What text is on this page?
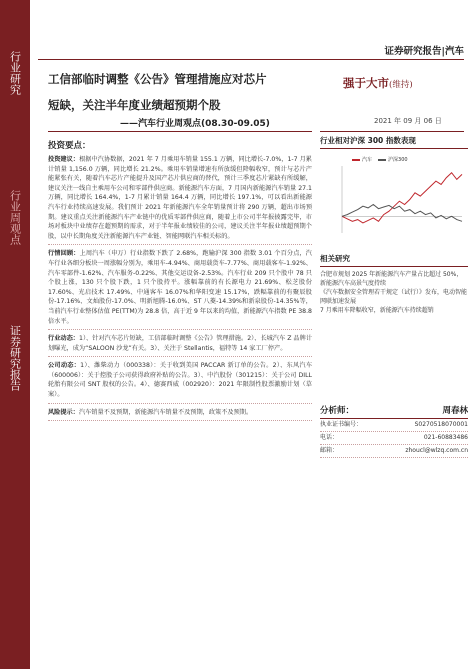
行业研究
行业周观点
证券研究报告
证券研究报告|汽车
工信部临时调整《公告》管理措施应对芯片
短缺，关注半年度业绩超预期个股
——汽车行业周观点(08.30-09.05)
强于大市(维持)
2021 年 09 月 06 日
投资要点：
投资建议：根据中汽协数据，2021 年 7 月乘用车销量 155.1 万辆，同比增长-7.0%，1-7 月累计销量 1,156.0 万辆，同比增长 21.2%。乘用车销量增速有所放缓但降幅收窄，预计与芯片产能紧张有关，随着汽车芯片产能提升及国产芯片供应商的替代，预计三季度芯片紧缺有所缓解，建议关注一线自主乘用车公司和零部件供应商。新能源汽车方面，7 月国内新能源汽车销量 27.1 万辆，同比增长 164.4%，1-7 月累计销量 164.4 万辆，同比增长 197.1%，可以看出新能源汽车行业持续高速发展。我们预计 2021 年新能源汽车全年销量预计将 290 万辆，超出市场预期。建议重点关注新能源汽车产业链中的优质零部件供应商，随着上市公司半年报披露完毕，市场对板块中业绩存在超预期的需求，对于半年报业绩较佳的公司，建议关注半年报业绩超预期个股，以中长期角度关注新能源汽车产业链、智能网联汽车相关标的。
行情回顾：上周汽车（申万）行业指数下跌了 2.68%，跑输沪深 300 指数 3.01 个百分点，汽车行业各细分板块一周涨幅分别为，乘用车-4.94%、商用载货车-7.77%、商用载客车-1.92%、汽车零部件-1.62%、汽车服务-0.22%、其他交运设备-2.53%。汽车行业 209 只个股中 78 只个股上涨，130 只个股下跌，1 只个股持平。涨幅靠前的有长源电力 21.69%、松芝股份 17.60%、光启技术 17.49%、中通客车 16.07%和华阳变速 15.17%，跌幅靠前的有聚辰股份-17.16%、文灿股份-17.0%、明新旭腾-16.0%、ST 八菱-14.39%和新泉股份-14.35%等，当前汽车行业整体估值 PE(TTM)为 28.8 倍，高于近 9 年以来的均值，新能源汽车指数 PE 38.8 倍水平。
行业动态：1）、针对汽车芯片短缺，工信部临时调整《公告》管理措施。2）、长城汽车 Z 品牌计划曝光，成为“SALOON 沙龙”有关。3）、关注于 Stellantis，福特等 14 家工厂停产。
公司动态：1）、潍柴动力（000338）：关于收到美国 PACCAR 新订单的公告。2）、东风汽车（600006）：关于控股子公司获得政府补贴的公告。3）、中汽股份（301215）：关于公司 DILL 轮胎有限公司 SNT 股权的公告。4）、德赛西威（002920）：2021 年限制性股票激励计划（草案）。
风险提示：汽车销量不及预期，新能源汽车销量不及预期，政策不及预期。
行业相对沪深 300 指数表现
汽车	沪深300
相关研究
合肥市规划 2025 年新能源汽车产量占比超过 50%，新能源汽车高景气度持续
《汽车数据安全管理若干规定（试行）》发布，电动智能网联加速发展
7 月乘用车降幅收窄，新能源汽车持续超销
分析师：	周春林
执业证书编号：	S0270518070001
电话：	021-60883486
邮箱：	zhoucl@wlzq.com.cn
